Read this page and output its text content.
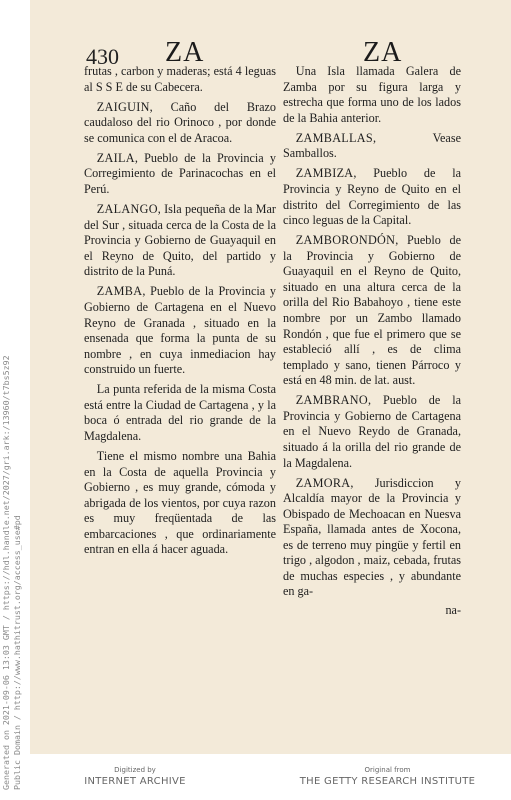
430 ZA	ZA

frutas , carbon y maderas; está 4 leguas al S S E de su Cabecera.

ZAIGUIN, Caño del Brazo caudaloso del rio Orinoco , por donde se comunica con el de Aracoa.

ZAILA, Pueblo de la Provincia y Corregimiento de Parinacochas en el Perú.

ZALANGO, Isla pequeña de la Mar del Sur , situada cerca de la Costa de la Provincia y Gobierno de Guayaquil en el Reyno de Quito, del partido y distrito de la Puná.

ZAMBA, Pueblo de la Provincia y Gobierno de Cartagena en el Nuevo Reyno de Granada , situado en la ensenada que forma la punta de su nombre , en cuya inmediacion hay construido un fuerte.

La punta referida de la misma Costa está entre la Ciudad de Cartagena , y la boca ó entrada del rio grande de la Magdalena.

Tiene el mismo nombre una Bahia en la Costa de aquella Provincia y Gobierno , es muy grande, cómoda y abrigada de los vientos, por cuya razon es muy freqüentada de las embarcaciones , que ordinariamente entran en ella á hacer aguada.

Una Isla llamada Galera de Zamba por su figura larga y estrecha que forma uno de los lados de la Bahia anterior.

ZAMBALLAS, Vease Samballos.

ZAMBIZA, Pueblo de la Provincia y Reyno de Quito en el distrito del Corregimiento de las cinco leguas de la Capital.

ZAMBORONDÓN, Pueblo de la Provincia y Gobierno de Guayaquil en el Reyno de Quito, situado en una altura cerca de la orilla del Rio Babahoyo , tiene este nombre por un Zambo llamado Rondón , que fue el primero que se estableció allí , es de clima templado y sano, tienen Párroco y está en 48 min. de lat. aust.

ZAMBRANO, Pueblo de la Provincia y Gobierno de Cartagena en el Nuevo Reydo de Granada, situado á la orilla del rio grande de la Magdalena.

ZAMORA, Jurisdiccion y Alcaldía mayor de la Provincia y Obispado de Mechoacan en Nuesva España, llamada antes de Xocona, es de terreno muy pingüe y fertil en trigo , algodon , maiz, cebada, frutas de muchas especies , y abundante en ga-

na-

Generated on 2021-09-06 13:03 GMT / https://hdl.handle.net/2027/gri.ark:/13960/t7bs5z92 Public Domain / http://www.hathitrust.org/access_use#pd	Digitized by
INTERNET ARCHIVE
Original from
THE GETTY RESEARCH INSTITUTE
